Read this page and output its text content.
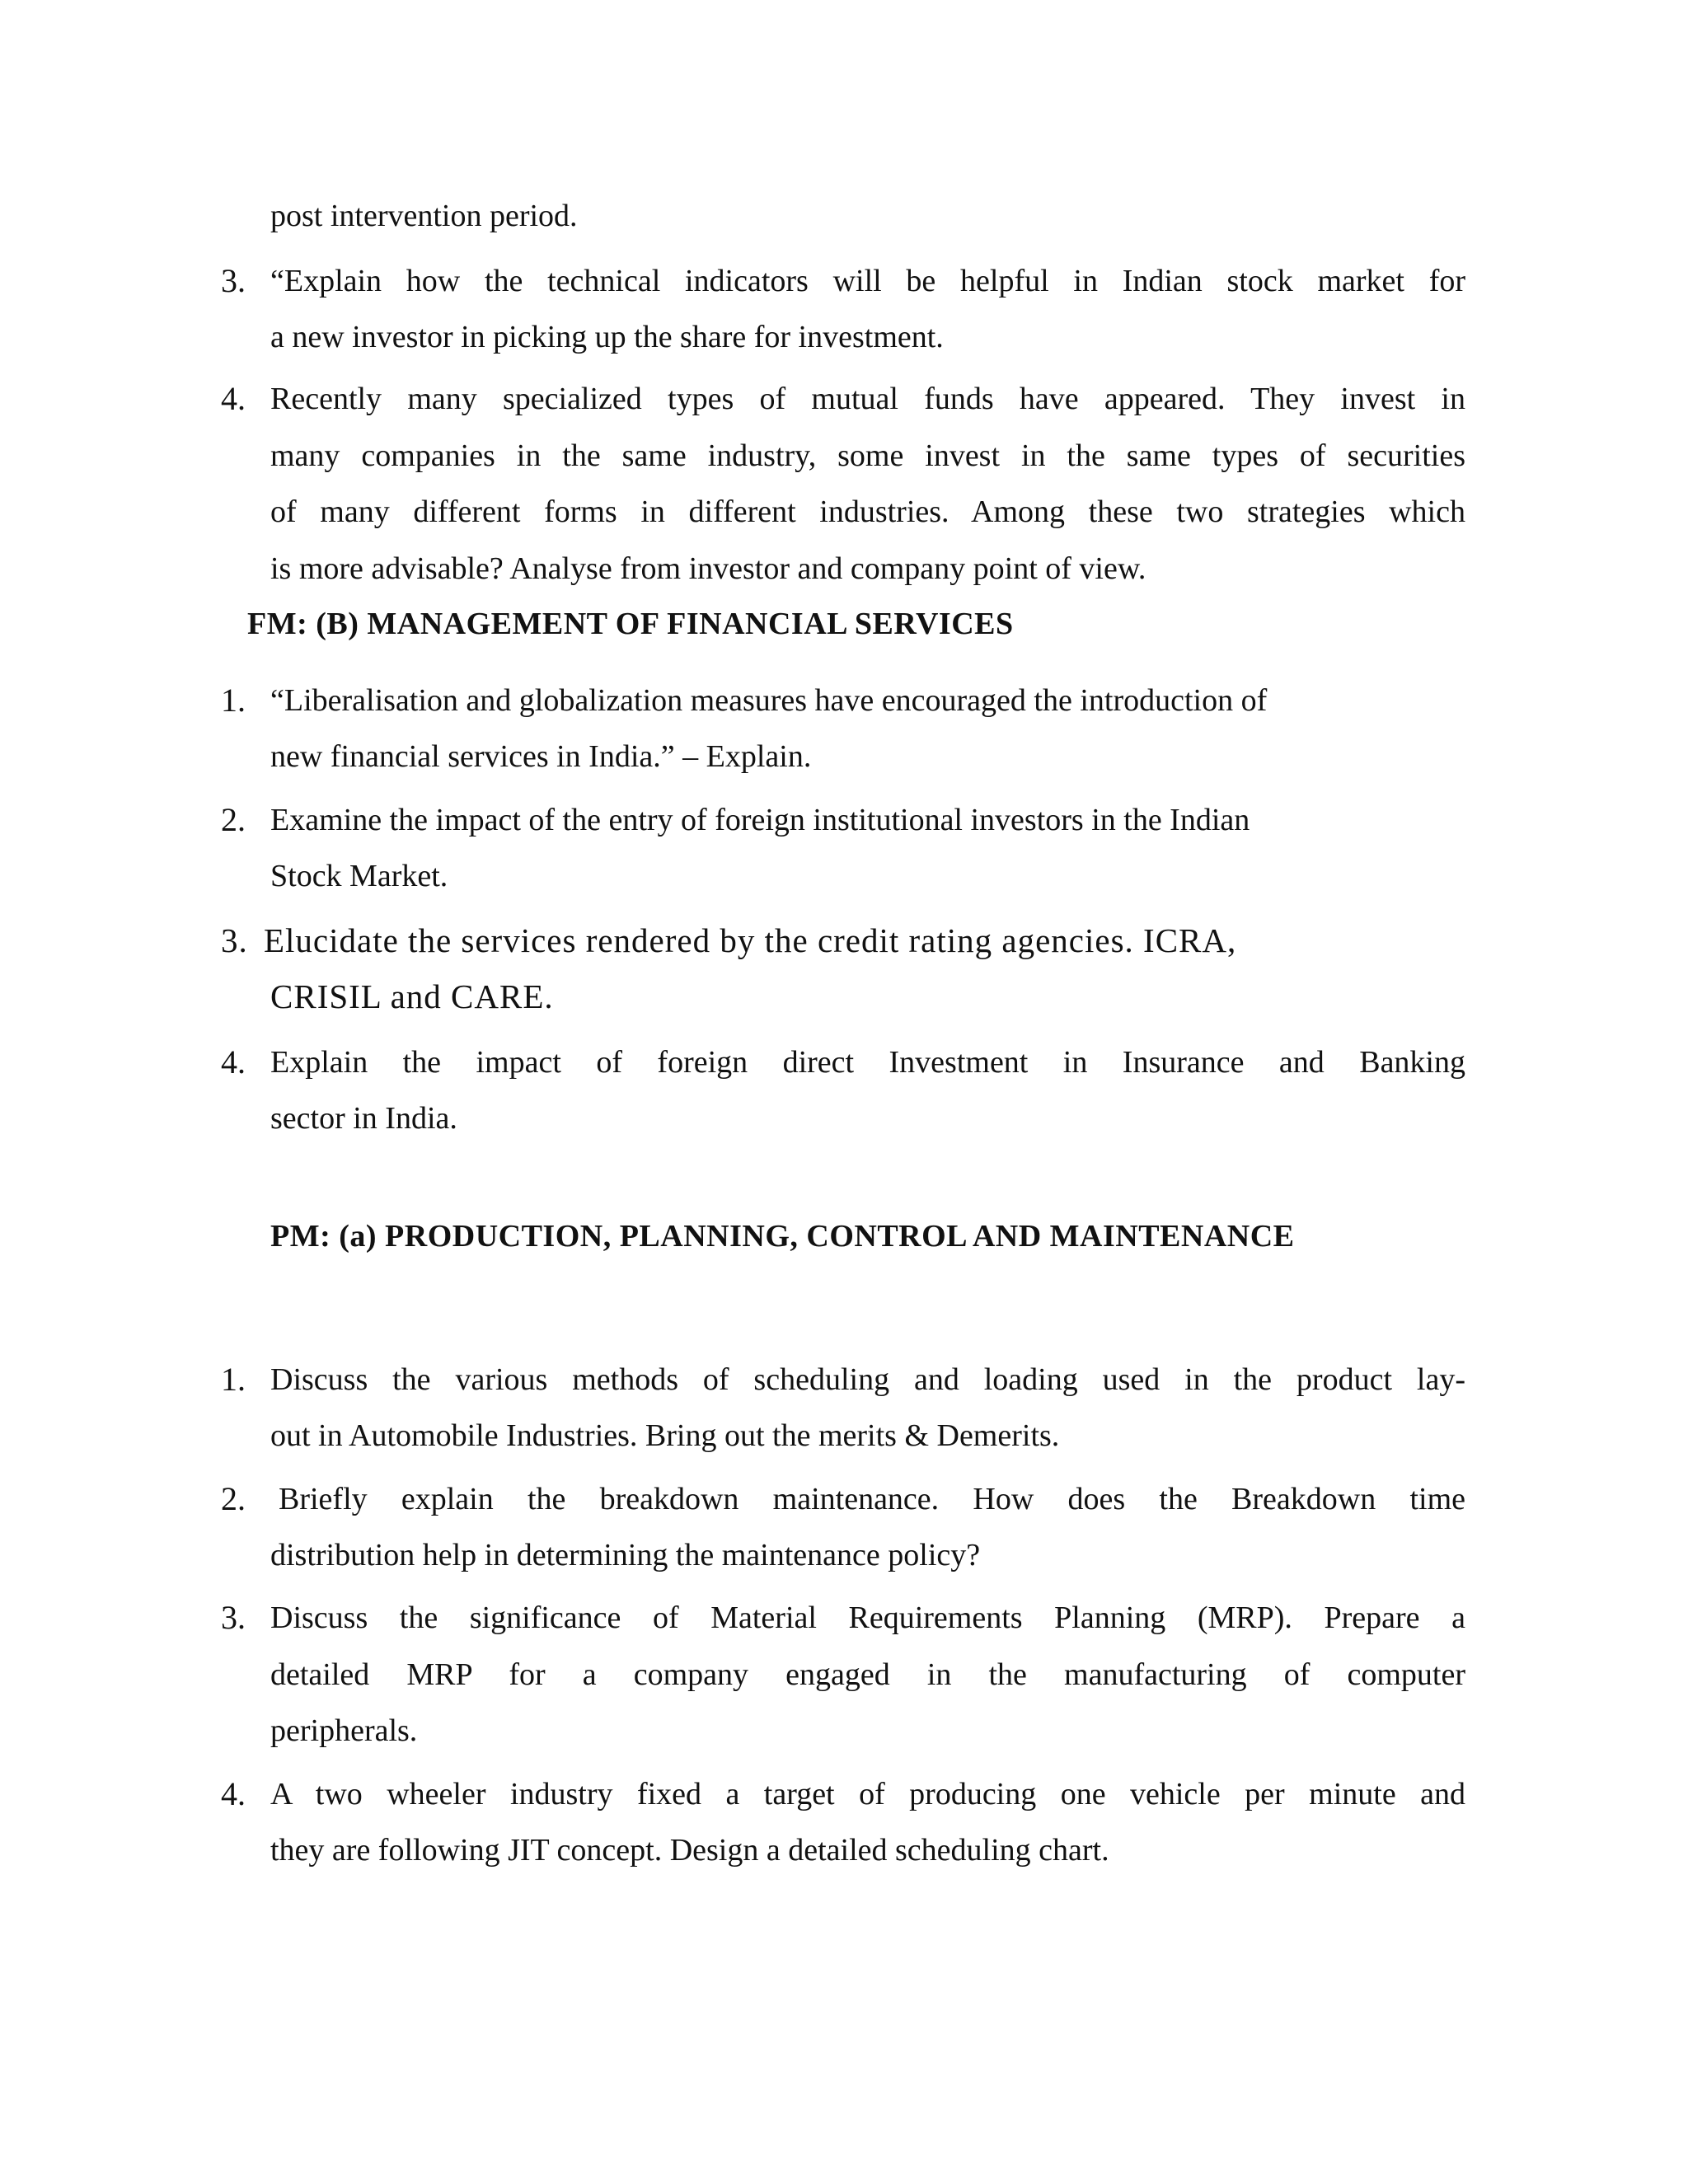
post intervention period.
3. “Explain how the technical indicators will be helpful in Indian stock market for
a new investor in picking up the share for investment.
4. Recently many specialized types of mutual funds have appeared. They invest in
many companies in the same industry, some invest in the same types of securities
of many different forms in different industries. Among these two strategies which
is more advisable? Analyse from investor and company point of view.
FM: (B) MANAGEMENT OF FINANCIAL SERVICES
1. “Liberalisation and globalization measures have encouraged the introduction of
new financial services in India.” – Explain.
2. Examine the impact of the entry of foreign institutional investors in the Indian
Stock Market.
3. Elucidate the services rendered by the credit rating agencies. ICRA,
CRISIL and CARE.
4. Explain the impact of foreign direct Investment in Insurance and Banking
sector in India.
PM: (a) PRODUCTION, PLANNING, CONTROL AND MAINTENANCE
1. Discuss the various methods of scheduling and loading used in the product lay-
out in Automobile Industries. Bring out the merits & Demerits.
2. Briefly explain the breakdown maintenance. How does the Breakdown time
distribution help in determining the maintenance policy?
3. Discuss the significance of Material Requirements Planning (MRP). Prepare a
detailed MRP for a company engaged in the manufacturing of computer
peripherals.
4. A two wheeler industry fixed a target of producing one vehicle per minute and
they are following JIT concept. Design a detailed scheduling chart.
